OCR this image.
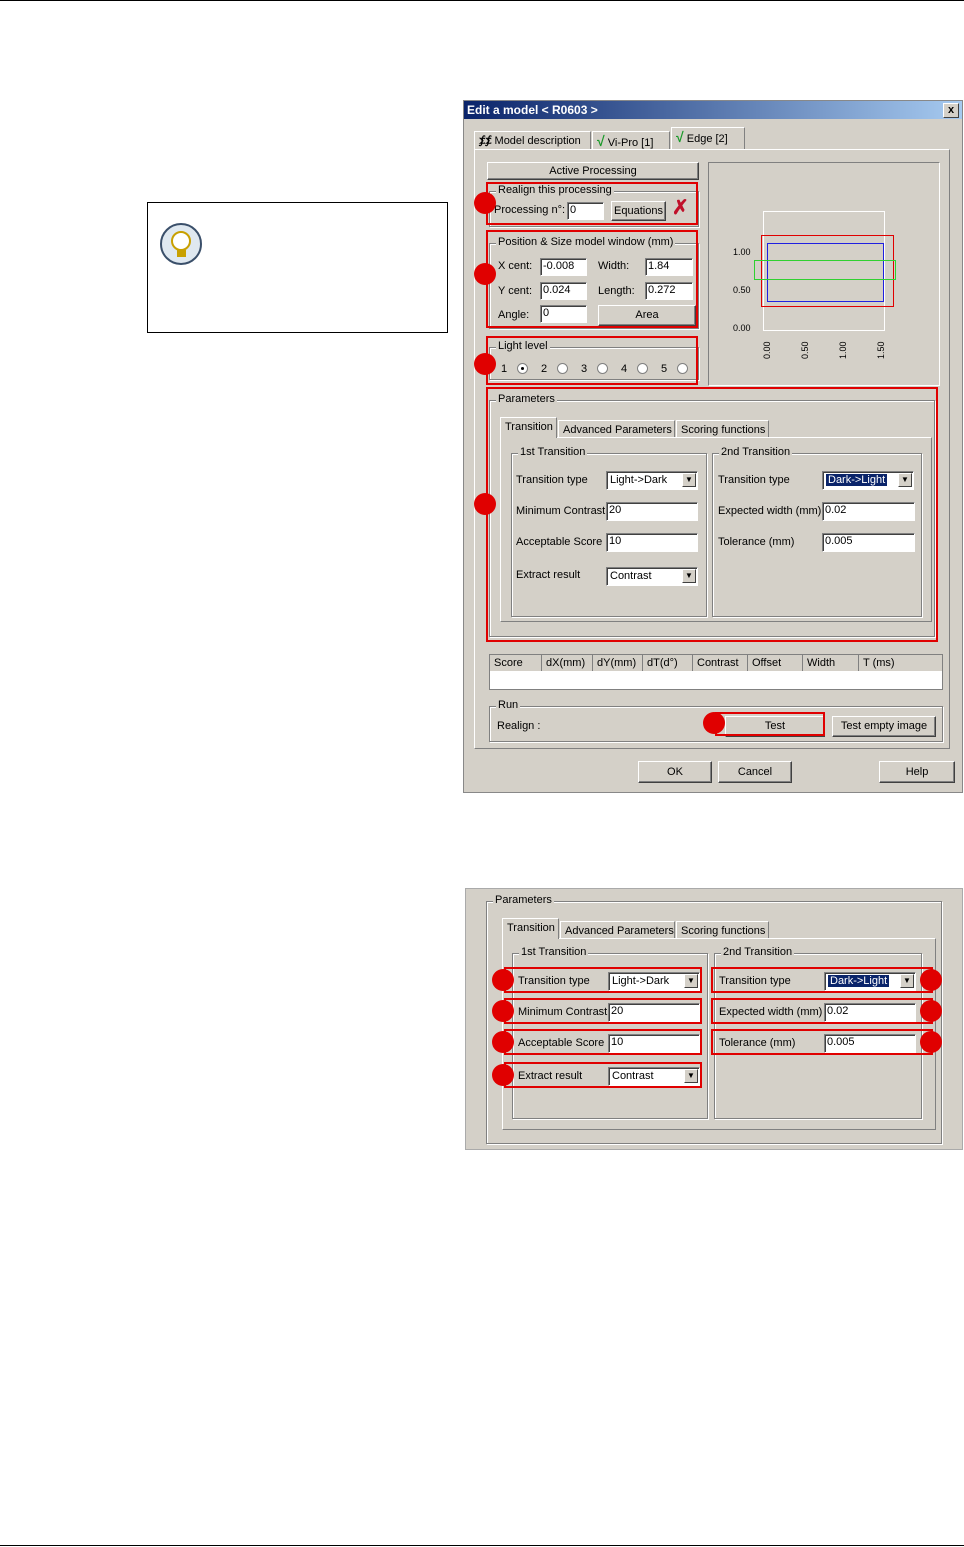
Edit a model < R0603 >	x
⨋⨋ Model description	√ Vi-Pro [1]	√ Edge [2]
Active Processing
Realign this processing
Processing n°: 0	Equations ✗
Position & Size model window (mm)
X cent: -0.008	Width: 1.84
Y cent: 0.024	Length: 0.272
Angle: 0	Area
Light level
1	2	3	4	5
1.00
0.50
0.00
0.00	0.50	1.00	1.50
Parameters
Transition Advanced Parameters Scoring functions
1st Transition
Transition type	Light->Dark	▼
Minimum Contrast 20
Acceptable Score 10
Extract result	Contrast	▼
2nd Transition
Transition type	Dark->Light	▼
Expected width (mm) 0.02
Tolerance (mm)	0.005
Score	dX(mm)	dY(mm) dT(d°)	Contrast	Offset	Width	T (ms)
Run
Realign :	Test	Test empty image
OK	Cancel	Help
Parameters
Transition Advanced Parameters Scoring functions
1st Transition
Transition type	Light->Dark	▼
Minimum Contrast 20
Acceptable Score 10
Extract result	Contrast	▼
2nd Transition
Transition type	Dark->Light	▼
Expected width (mm) 0.02
Tolerance (mm)	0.005
